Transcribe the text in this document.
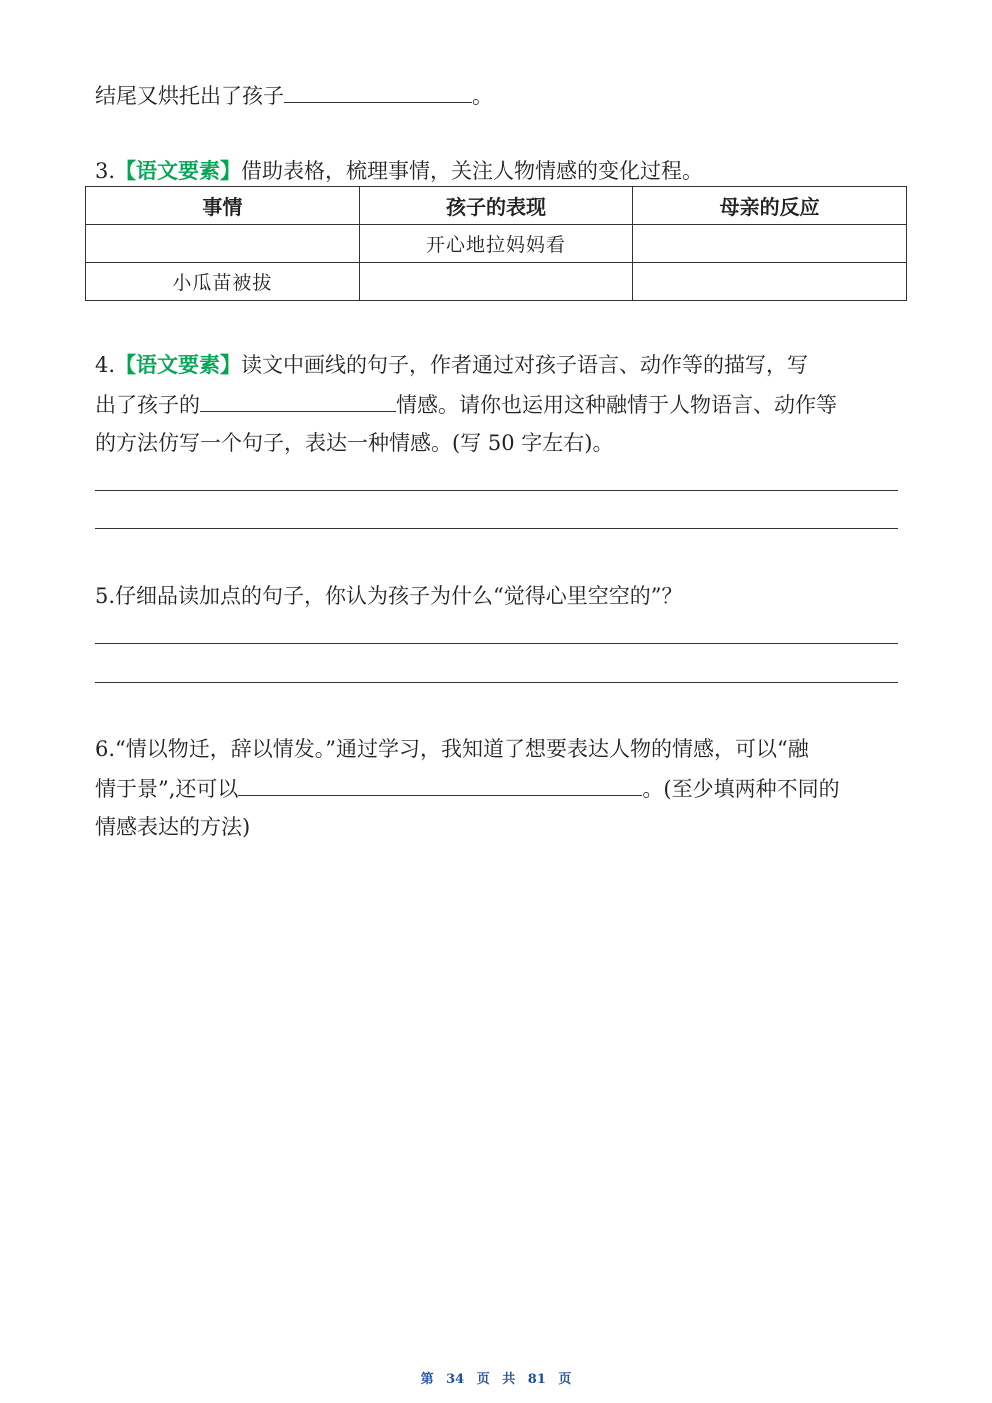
结尾又烘托出了孩子	。
3.【语文要素】借助表格，梳理事情，关注人物情感的变化过程。
事情	孩子的表现	母亲的反应
	开心地拉妈妈看	
小瓜苗被拔		
4.【语文要素】读文中画线的句子，作者通过对孩子语言、动作等的描写，写
出了孩子的	情感。请你也运用这种融情于人物语言、动作等
的方法仿写一个句子，表达一种情感。(写 50 字左右)。
5.仔细品读加点的句子，你认为孩子为什么“觉得心里空空的”？
6.“情以物迁，辞以情发。”通过学习，我知道了想要表达人物的情感，可以“融
情于景”,还可以	。(至少填两种不同的
情感表达的方法)
第 34 页 共 81 页
